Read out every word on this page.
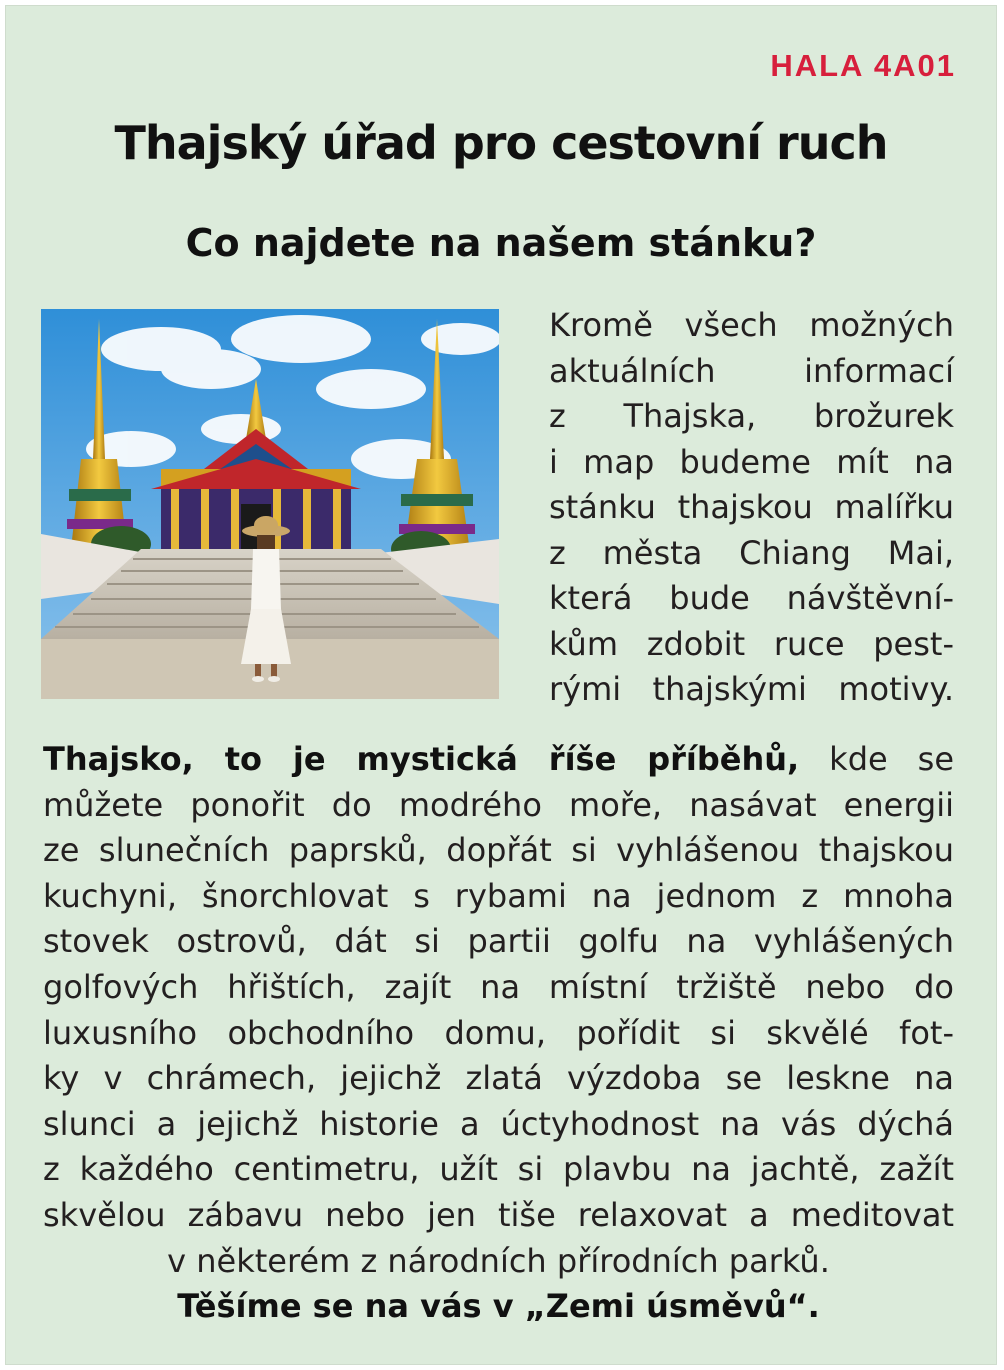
HALA 4A01
Thajský úřad pro cestovní ruch
Co najdete na našem stánku?
Kromě všech možných
aktuálních informací
z Thajska, brožurek
i map budeme mít na
stánku thajskou malířku
z města Chiang Mai,
která bude návštěvní-
kům zdobit ruce pest-
rými thajskými motivy.
Thajsko, to je mystická říše příběhů, kde se
můžete ponořit do modrého moře, nasávat energii
ze slunečních paprsků, dopřát si vyhlášenou thajskou
kuchyni, šnorchlovat s rybami na jednom z mnoha
stovek ostrovů, dát si partii golfu na vyhlášených
golfových hřištích, zajít na místní tržiště nebo do
luxusního obchodního domu, pořídit si skvělé fot-
ky v chrámech, jejichž zlatá výzdoba se leskne na
slunci a jejichž historie a úctyhodnost na vás dýchá
z každého centimetru, užít si plavbu na jachtě, zažít
skvělou zábavu nebo jen tiše relaxovat a meditovat
v některém z národních přírodních parků.
Těšíme se na vás v „Zemi úsměvů“.
